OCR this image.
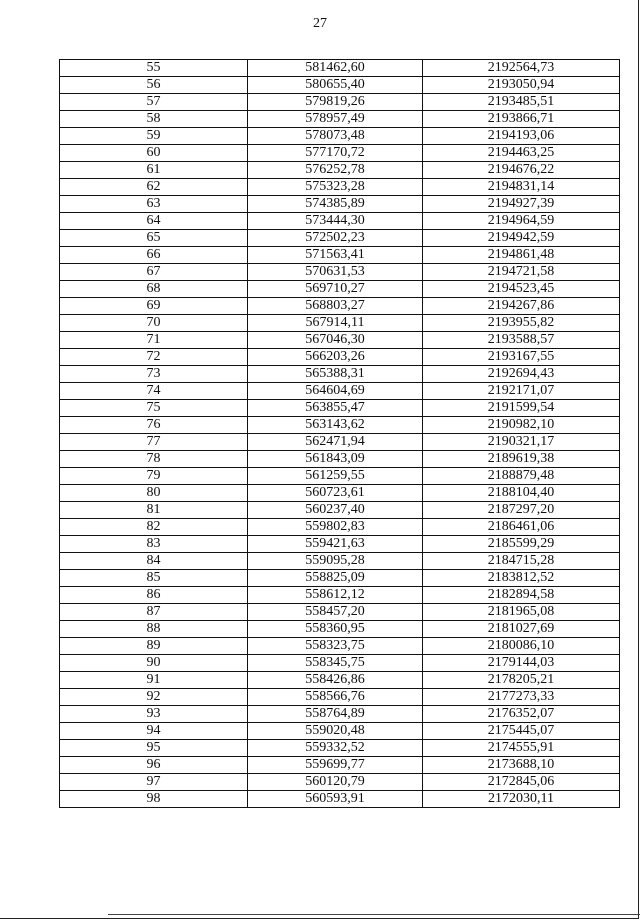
27
55	581462,60	2192564,73
56	580655,40	2193050,94
57	579819,26	2193485,51
58	578957,49	2193866,71
59	578073,48	2194193,06
60	577170,72	2194463,25
61	576252,78	2194676,22
62	575323,28	2194831,14
63	574385,89	2194927,39
64	573444,30	2194964,59
65	572502,23	2194942,59
66	571563,41	2194861,48
67	570631,53	2194721,58
68	569710,27	2194523,45
69	568803,27	2194267,86
70	567914,11	2193955,82
71	567046,30	2193588,57
72	566203,26	2193167,55
73	565388,31	2192694,43
74	564604,69	2192171,07
75	563855,47	2191599,54
76	563143,62	2190982,10
77	562471,94	2190321,17
78	561843,09	2189619,38
79	561259,55	2188879,48
80	560723,61	2188104,40
81	560237,40	2187297,20
82	559802,83	2186461,06
83	559421,63	2185599,29
84	559095,28	2184715,28
85	558825,09	2183812,52
86	558612,12	2182894,58
87	558457,20	2181965,08
88	558360,95	2181027,69
89	558323,75	2180086,10
90	558345,75	2179144,03
91	558426,86	2178205,21
92	558566,76	2177273,33
93	558764,89	2176352,07
94	559020,48	2175445,07
95	559332,52	2174555,91
96	559699,77	2173688,10
97	560120,79	2172845,06
98	560593,91	2172030,11
